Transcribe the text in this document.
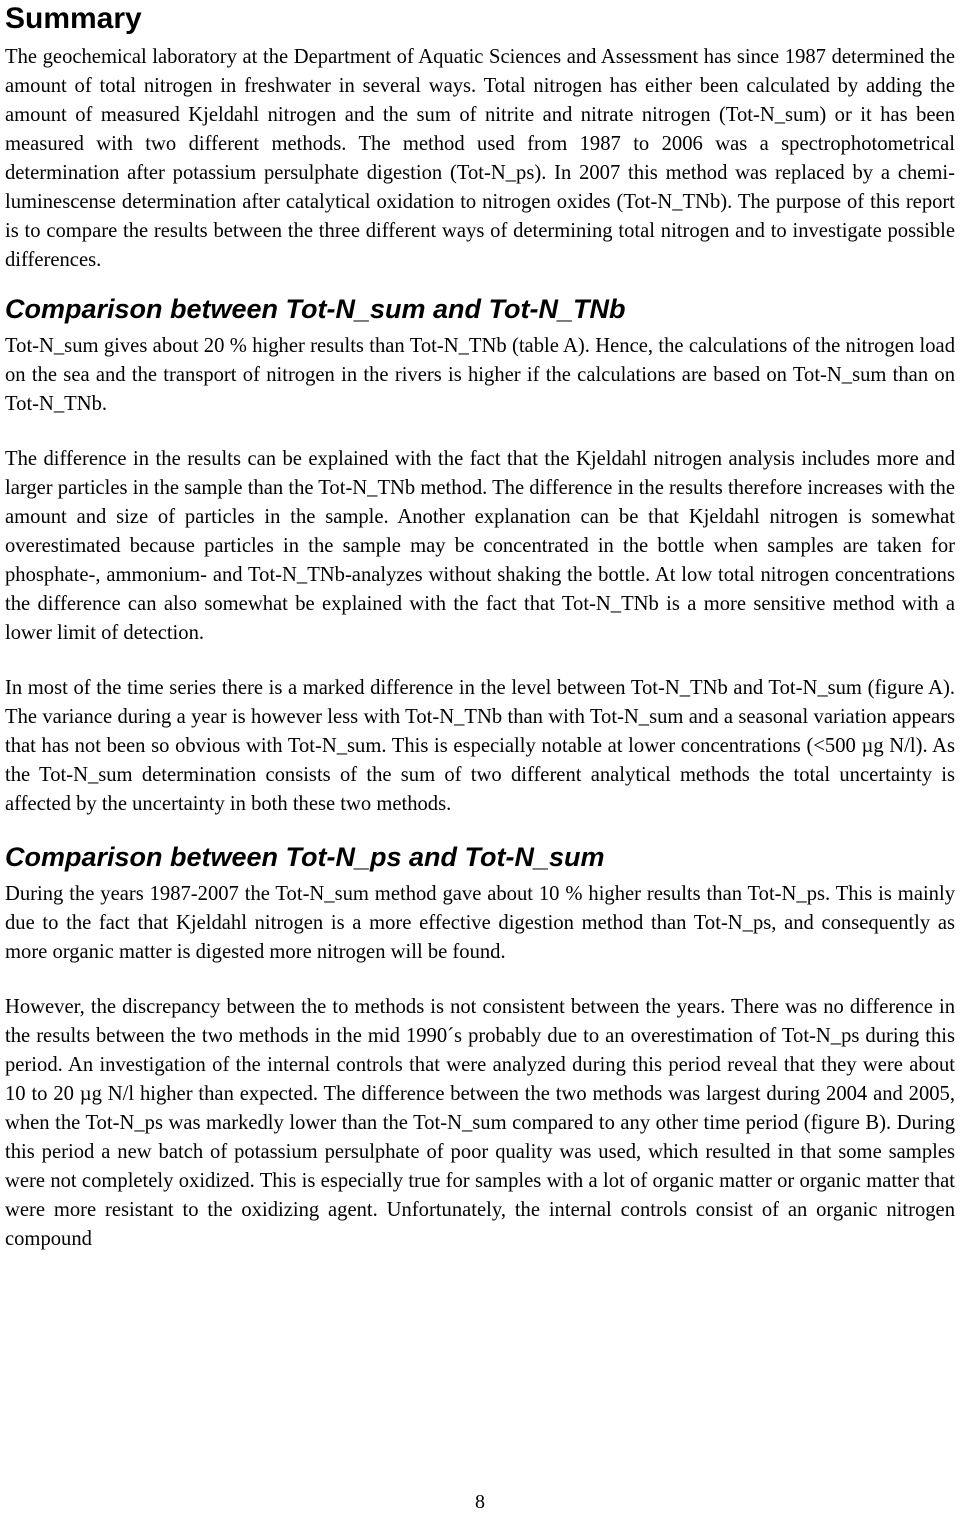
Summary

The geochemical laboratory at the Department of Aquatic Sciences and Assessment has since 1987 determined the amount of total nitrogen in freshwater in several ways. Total nitrogen has either been calculated by adding the amount of measured Kjeldahl nitrogen and the sum of nitrite and nitrate nitrogen (Tot-N_sum) or it has been measured with two different methods. The method used from 1987 to 2006 was a spectrophotometrical determination after potassium persulphate digestion (Tot-N_ps). In 2007 this method was replaced by a chemi-luminescense determination after catalytical oxidation to nitrogen oxides (Tot-N_TNb). The purpose of this report is to compare the results between the three different ways of determining total nitrogen and to investigate possible differences.

Comparison between Tot-N_sum and Tot-N_TNb

Tot-N_sum gives about 20 % higher results than Tot-N_TNb (table A). Hence, the calculations of the nitrogen load on the sea and the transport of nitrogen in the rivers is higher if the calculations are based on Tot-N_sum than on Tot-N_TNb.

The difference in the results can be explained with the fact that the Kjeldahl nitrogen analysis includes more and larger particles in the sample than the Tot-N_TNb method. The difference in the results therefore increases with the amount and size of particles in the sample. Another explanation can be that Kjeldahl nitrogen is somewhat overestimated because particles in the sample may be concentrated in the bottle when samples are taken for phosphate-, ammonium- and Tot-N_TNb-analyzes without shaking the bottle. At low total nitrogen concentrations the difference can also somewhat be explained with the fact that Tot-N_TNb is a more sensitive method with a lower limit of detection.

In most of the time series there is a marked difference in the level between Tot-N_TNb and Tot-N_sum (figure A). The variance during a year is however less with Tot-N_TNb than with Tot-N_sum and a seasonal variation appears that has not been so obvious with Tot-N_sum. This is especially notable at lower concentrations (<500 µg N/l). As the Tot-N_sum determination consists of the sum of two different analytical methods the total uncertainty is affected by the uncertainty in both these two methods.

Comparison between Tot-N_ps and Tot-N_sum

During the years 1987-2007 the Tot-N_sum method gave about 10 % higher results than Tot-N_ps. This is mainly due to the fact that Kjeldahl nitrogen is a more effective digestion method than Tot-N_ps, and consequently as more organic matter is digested more nitrogen will be found.

However, the discrepancy between the to methods is not consistent between the years. There was no difference in the results between the two methods in the mid 1990´s probably due to an overestimation of Tot-N_ps during this period. An investigation of the internal controls that were analyzed during this period reveal that they were about 10 to 20 µg N/l higher than expected. The difference between the two methods was largest during 2004 and 2005, when the Tot-N_ps was markedly lower than the Tot-N_sum compared to any other time period (figure B). During this period a new batch of potassium persulphate of poor quality was used, which resulted in that some samples were not completely oxidized. This is especially true for samples with a lot of organic matter or organic matter that were more resistant to the oxidizing agent. Unfortunately, the internal controls consist of an organic nitrogen compound

8
